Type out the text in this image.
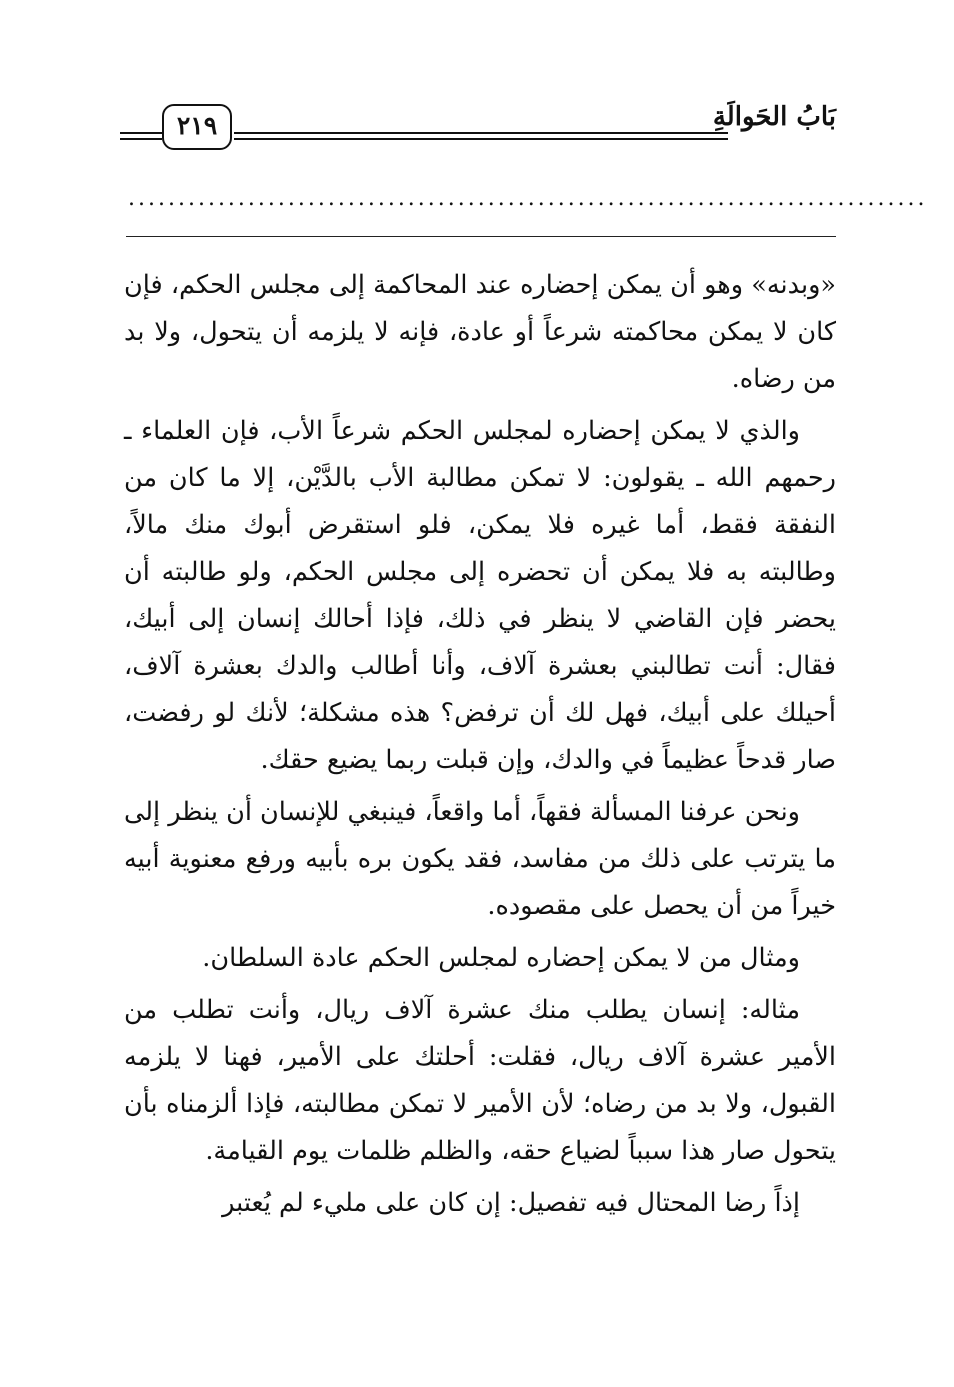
بَابُ الحَوالَةِ
٢١٩
................................................................................

«وبدنه» وهو أن يمكن إحضاره عند المحاكمة إلى مجلس الحكم، فإن كان لا يمكن محاكمته شرعاً أو عادة، فإنه لا يلزمه أن يتحول، ولا بد من رضاه.

والذي لا يمكن إحضاره لمجلس الحكم شرعاً الأب، فإن العلماء ـ رحمهم الله ـ يقولون: لا تمكن مطالبة الأب بالدَّيْن، إلا ما كان من النفقة فقط، أما غيره فلا يمكن، فلو استقرض أبوك منك مالاً، وطالبته به فلا يمكن أن تحضره إلى مجلس الحكم، ولو طالبته أن يحضر فإن القاضي لا ينظر في ذلك، فإذا أحالك إنسان إلى أبيك، فقال: أنت تطالبني بعشرة آلاف، وأنا أطالب والدك بعشرة آلاف، أحيلك على أبيك، فهل لك أن ترفض؟ هذه مشكلة؛ لأنك لو رفضت، صار قدحاً عظيماً في والدك، وإن قبلت ربما يضيع حقك.

ونحن عرفنا المسألة فقهاً، أما واقعاً، فينبغي للإنسان أن ينظر إلى ما يترتب على ذلك من مفاسد، فقد يكون بره بأبيه ورفع معنوية أبيه خيراً من أن يحصل على مقصوده.

ومثال من لا يمكن إحضاره لمجلس الحكم عادة السلطان.

مثاله: إنسان يطلب منك عشرة آلاف ريال، وأنت تطلب من الأمير عشرة آلاف ريال، فقلت: أحلتك على الأمير، فهنا لا يلزمه القبول، ولا بد من رضاه؛ لأن الأمير لا تمكن مطالبته، فإذا ألزمناه بأن يتحول صار هذا سبباً لضياع حقه، والظلم ظلمات يوم القيامة.

إذاً رضا المحتال فيه تفصيل: إن كان على مليء لم يُعتبر
